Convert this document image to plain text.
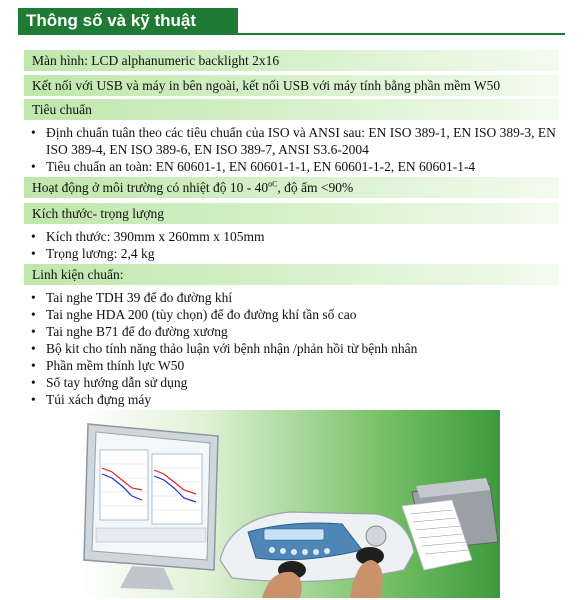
Thông số và kỹ thuật
Màn hình: LCD alphanumeric backlight 2x16
Kết nối với USB và máy in bên ngoài, kết nối USB với máy tính bằng phần mềm W50
Tiêu chuẩn
• Định chuẩn tuân theo các tiêu chuẩn của ISO và ANSI sau: EN ISO 389-1, EN ISO 389-3, EN ISO 389-4, EN ISO 389-6, EN ISO 389-7, ANSI S3.6-2004
• Tiêu chuẩn an toàn: EN 60601-1, EN 60601-1-1, EN 60601-1-2, EN 60601-1-4
Hoạt động ở môi trường có nhiệt độ $10 - 40^{oC}$, độ ẩm <90%
Kích thước- trọng lượng
• Kích thước: 390mm x 260mm x 105mm
• Trọng lương: 2,4 kg
Linh kiện chuẩn:
• Tai nghe TDH 39 để đo đường khí
• Tai nghe HDA 200 (tùy chọn) để đo đường khí tần số cao
• Tai nghe B71 để đo đường xương
• Bộ kit cho tính năng thảo luận với bệnh nhận /phản hồi từ bệnh nhân
• Phần mềm thính lực W50
• Sổ tay hướng dẫn sử dụng
• Túi xách đựng máy
